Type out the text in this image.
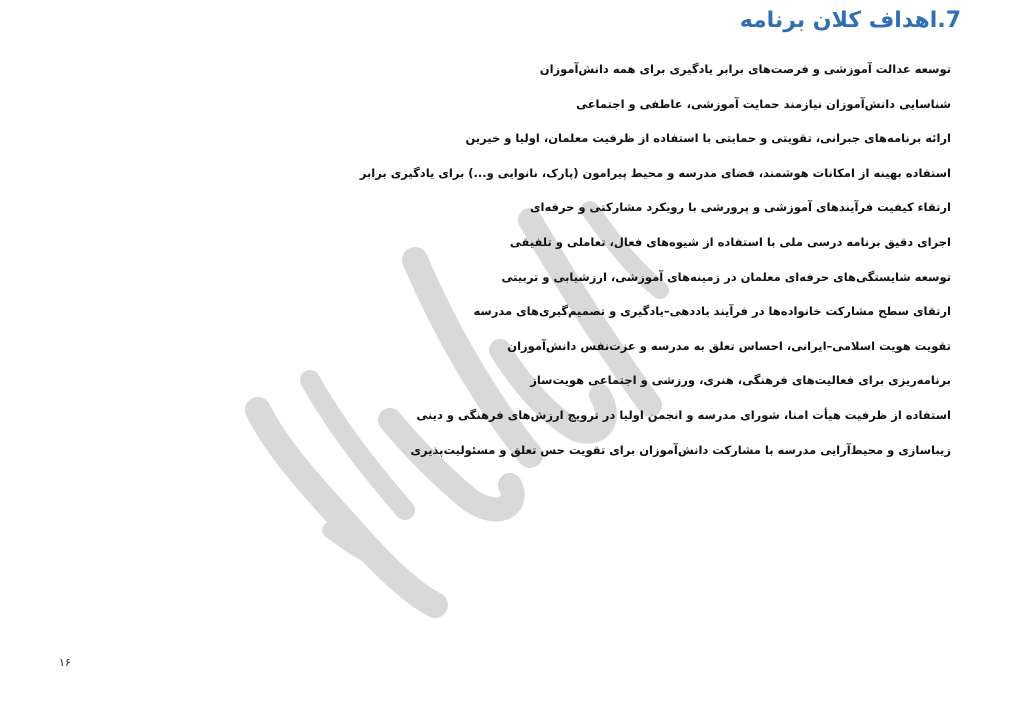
7.اهداف کلان برنامه
توسعه عدالت آموزشی و فرصت‌های برابر یادگیری برای همه دانش‌آموزان
شناسایی دانش‌آموزان نیازمند حمایت آموزشی، عاطفی و اجتماعی
ارائه برنامه‌های جبرانی، تقویتی و حمایتی با استفاده از ظرفیت معلمان، اولیا و خیرین
استفاده بهینه از امکانات هوشمند، فضای مدرسه و محیط پیرامون (پارک، نانوایی و...) برای یادگیری برابر
ارتقاء کیفیت فرآیندهای آموزشی و پرورشی با رویکرد مشارکتی و حرفه‌ای
اجرای دقیق برنامه درسی ملی با استفاده از شیوه‌های فعال، تعاملی و تلفیقی
توسعه شایستگی‌های حرفه‌ای معلمان در زمینه‌های آموزشی، ارزشیابی و تربیتی
ارتقای سطح مشارکت خانواده‌ها در فرآیند یاددهی–یادگیری و تصمیم‌گیری‌های مدرسه
تقویت هویت اسلامی–ایرانی، احساس تعلق به مدرسه و عزت‌نفس دانش‌آموزان
برنامه‌ریزی برای فعالیت‌های فرهنگی، هنری، ورزشی و اجتماعی هویت‌ساز
استفاده از ظرفیت هیأت امنا، شورای مدرسه و انجمن اولیا در ترویج ارزش‌های فرهنگی و دینی
زیباسازی و محیط‌آرایی مدرسه با مشارکت دانش‌آموزان برای تقویت حس تعلق و مسئولیت‌پذیری
۱۶
